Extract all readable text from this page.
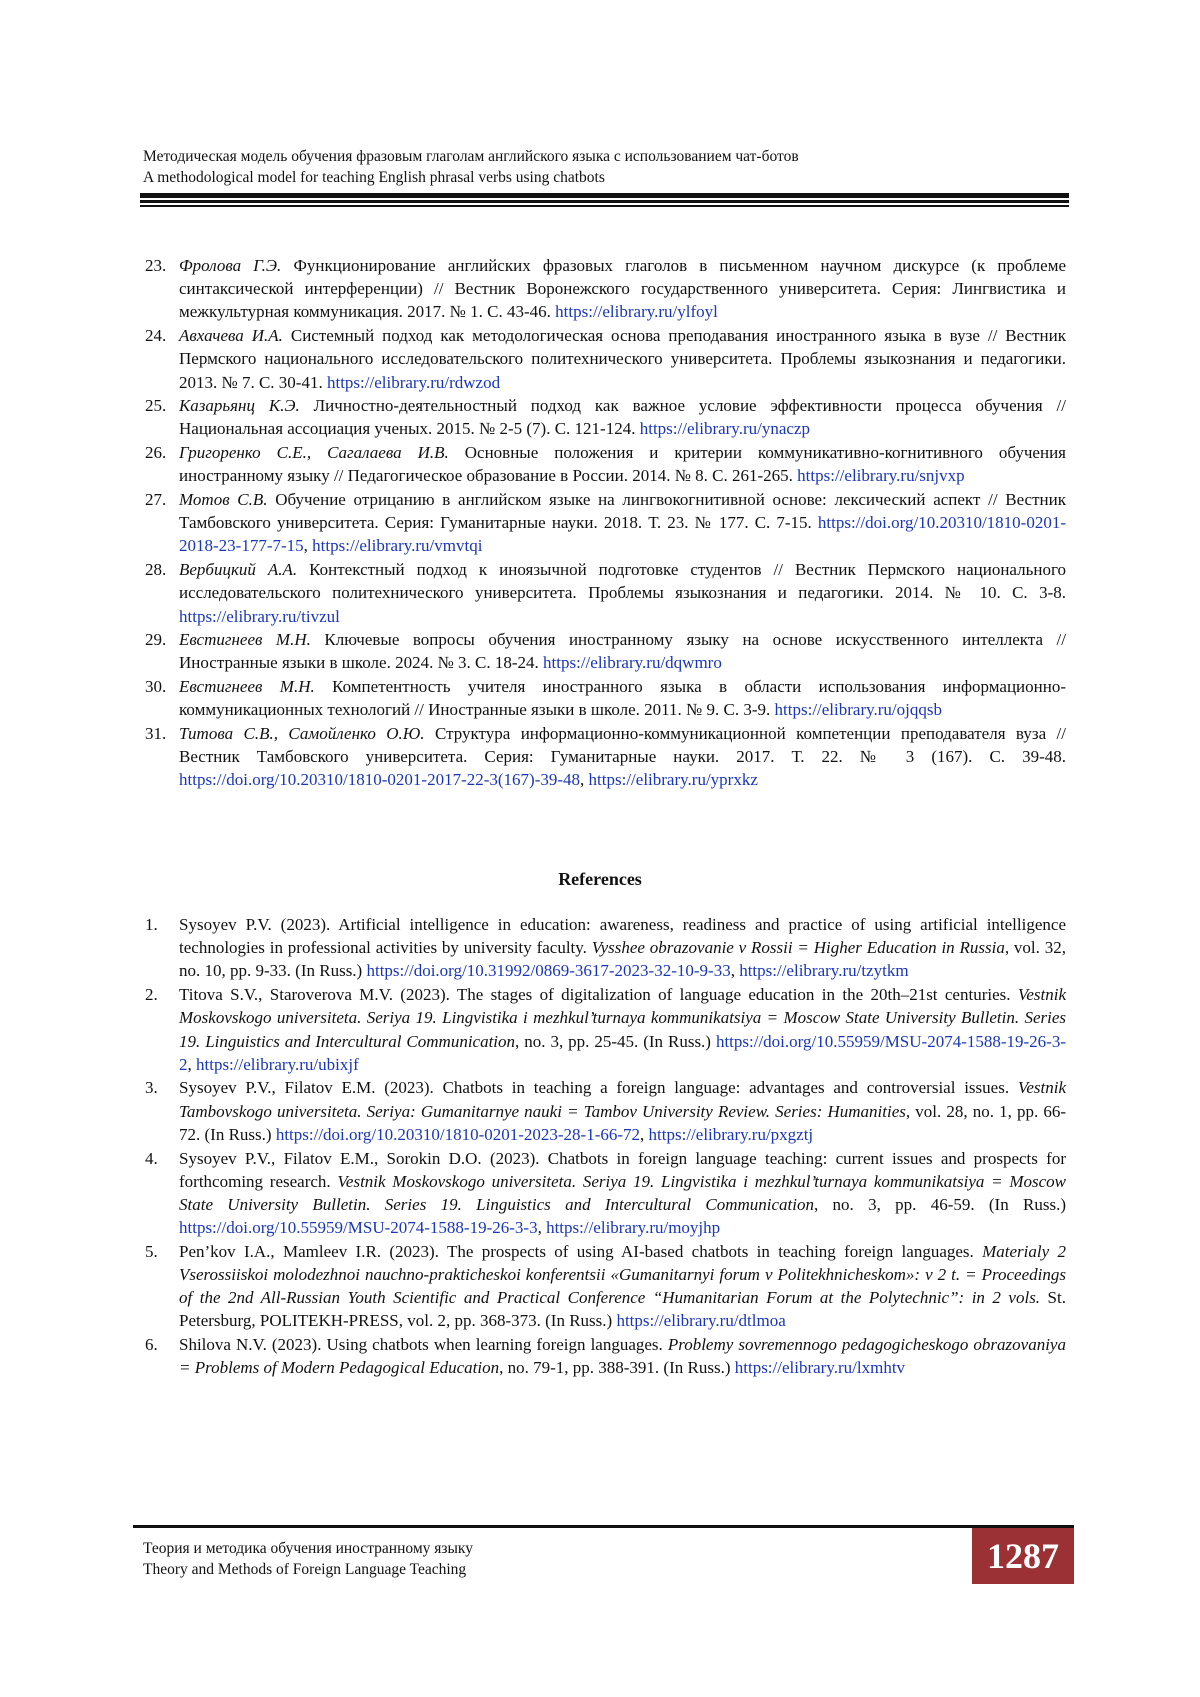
Методическая модель обучения фразовым глаголам английского языка с использованием чат-ботов
A methodological model for teaching English phrasal verbs using chatbots
23. Фролова Г.Э. Функционирование английских фразовых глаголов в письменном научном дискурсе (к проблеме синтаксической интерференции) // Вестник Воронежского государственного университета. Серия: Лингвистика и межкультурная коммуникация. 2017. № 1. С. 43-46. https://elibrary.ru/ylfoyl
24. Авхачева И.А. Системный подход как методологическая основа преподавания иностранного языка в вузе // Вестник Пермского национального исследовательского политехнического университета. Проблемы языкознания и педагогики. 2013. № 7. С. 30-41. https://elibrary.ru/rdwzod
25. Казарьянц К.Э. Личностно-деятельностный подход как важное условие эффективности процесса обучения // Национальная ассоциация ученых. 2015. № 2-5 (7). С. 121-124. https://elibrary.ru/ynaczp
26. Григоренко С.Е., Сагалаева И.В. Основные положения и критерии коммуникативно-когнитивного обучения иностранному языку // Педагогическое образование в России. 2014. № 8. С. 261-265. https://elibrary.ru/snjvxp
27. Мотов С.В. Обучение отрицанию в английском языке на лингвокогнитивной основе: лексический аспект // Вестник Тамбовского университета. Серия: Гуманитарные науки. 2018. Т. 23. № 177. С. 7-15. https://doi.org/10.20310/1810-0201-2018-23-177-7-15, https://elibrary.ru/vmvtqi
28. Вербицкий А.А. Контекстный подход к иноязычной подготовке студентов // Вестник Пермского национального исследовательского политехнического университета. Проблемы языкознания и педагогики. 2014. № 10. С. 3-8. https://elibrary.ru/tivzul
29. Евстигнеев М.Н. Ключевые вопросы обучения иностранному языку на основе искусственного интеллекта // Иностранные языки в школе. 2024. № 3. С. 18-24. https://elibrary.ru/dqwmro
30. Евстигнеев М.Н. Компетентность учителя иностранного языка в области использования информационно-коммуникационных технологий // Иностранные языки в школе. 2011. № 9. С. 3-9. https://elibrary.ru/ojqqsb
31. Титова С.В., Самойленко О.Ю. Структура информационно-коммуникационной компетенции преподавателя вуза // Вестник Тамбовского университета. Серия: Гуманитарные науки. 2017. Т. 22. № 3 (167). С. 39-48. https://doi.org/10.20310/1810-0201-2017-22-3(167)-39-48, https://elibrary.ru/yprxkz
References
1.	Sysoyev P.V. (2023). Artificial intelligence in education: awareness, readiness and practice of using artificial intelligence technologies in professional activities by university faculty. Vysshee obrazovanie v Rossii = Higher Education in Russia, vol. 32, no. 10, pp. 9-33. (In Russ.) https://doi.org/10.31992/0869-3617-2023-32-10-9-33, https://elibrary.ru/tzytkm
2.	Titova S.V., Staroverova M.V. (2023). The stages of digitalization of language education in the 20th–21st centuries. Vestnik Moskovskogo universiteta. Seriya 19. Lingvistika i mezhkul’turnaya kommunikatsiya = Moscow State University Bulletin. Series 19. Linguistics and Intercultural Communication, no. 3, pp. 25-45. (In Russ.) https://doi.org/10.55959/MSU-2074-1588-19-26-3-2, https://elibrary.ru/ubixjf
3.	Sysoyev P.V., Filatov E.M. (2023). Chatbots in teaching a foreign language: advantages and controversial issues. Vestnik Tambovskogo universiteta. Seriya: Gumanitarnye nauki = Tambov University Review. Series: Humanities, vol. 28, no. 1, pp. 66-72. (In Russ.) https://doi.org/10.20310/1810-0201-2023-28-1-66-72, https://elibrary.ru/pxgztj
4.	Sysoyev P.V., Filatov E.M., Sorokin D.O. (2023). Chatbots in foreign language teaching: current issues and prospects for forthcoming research. Vestnik Moskovskogo universiteta. Seriya 19. Lingvistika i mezhkul’turnaya kommunikatsiya = Moscow State University Bulletin. Series 19. Linguistics and Intercultural Communication, no. 3, pp. 46-59. (In Russ.) https://doi.org/10.55959/MSU-2074-1588-19-26-3-3, https://elibrary.ru/moyjhp
5.	Pen’kov I.A., Mamleev I.R. (2023). The prospects of using AI-based chatbots in teaching foreign languages. Materialy 2 Vserossiiskoi molodezhnoi nauchno-prakticheskoi konferentsii «Gumanitarnyi forum v Politekhnicheskom»: v 2 t. = Proceedings of the 2nd All-Russian Youth Scientific and Practical Conference “Humanitarian Forum at the Polytechnic”: in 2 vols. St. Petersburg, POLITEKH-PRESS, vol. 2, pp. 368-373. (In Russ.) https://elibrary.ru/dtlmoa
6.	Shilova N.V. (2023). Using chatbots when learning foreign languages. Problemy sovremennogo pedagogicheskogo obrazovaniya = Problems of Modern Pedagogical Education, no. 79-1, pp. 388-391. (In Russ.) https://elibrary.ru/lxmhtv
Теория и методика обучения иностранному языку
Theory and Methods of Foreign Language Teaching	1287
